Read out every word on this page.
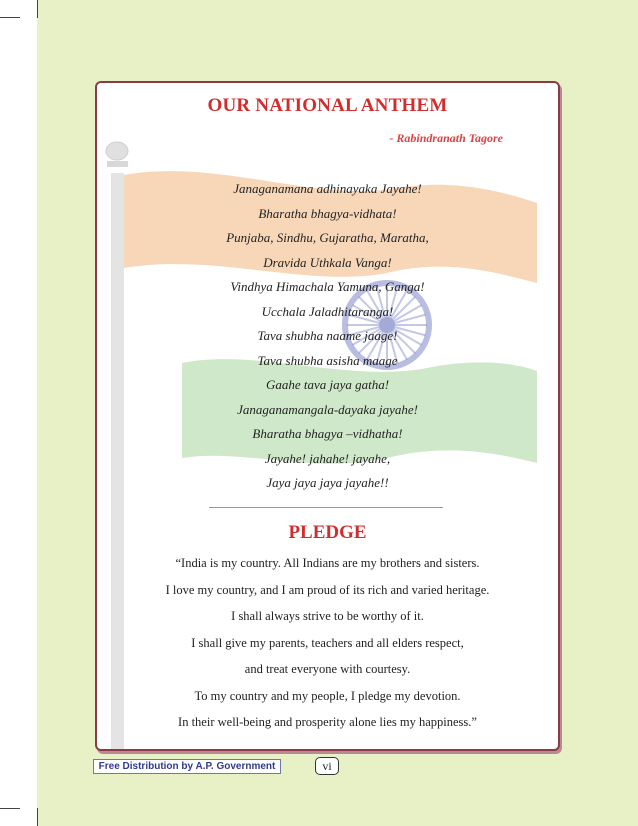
OUR NATIONAL ANTHEM
- Rabindranath Tagore
Janaganamana adhinayaka Jayahe!
Bharatha bhagya-vidhata!
Punjaba, Sindhu, Gujaratha, Maratha,
Dravida Uthkala Vanga!
Vindhya Himachala Yamuna, Ganga!
Ucchala Jaladhitaranga!
Tava shubha naame jaage!
Tava shubha asisha maage
Gaahe tava jaya gatha!
Janaganamangala-dayaka jayahe!
Bharatha bhagya –vidhatha!
Jayahe! jahahe! jayahe,
Jaya jaya jaya jayahe!!
PLEDGE
“India is my country. All Indians are my brothers and sisters.
I love my country, and I am proud of its rich and varied heritage.
I shall always strive to be worthy of it.
I shall give my parents, teachers and all elders respect,
and treat everyone with courtesy.
To my country and my people, I pledge my devotion.
In their well-being and prosperity alone lies my happiness.”
Free Distribution by A.P. Government	vi
